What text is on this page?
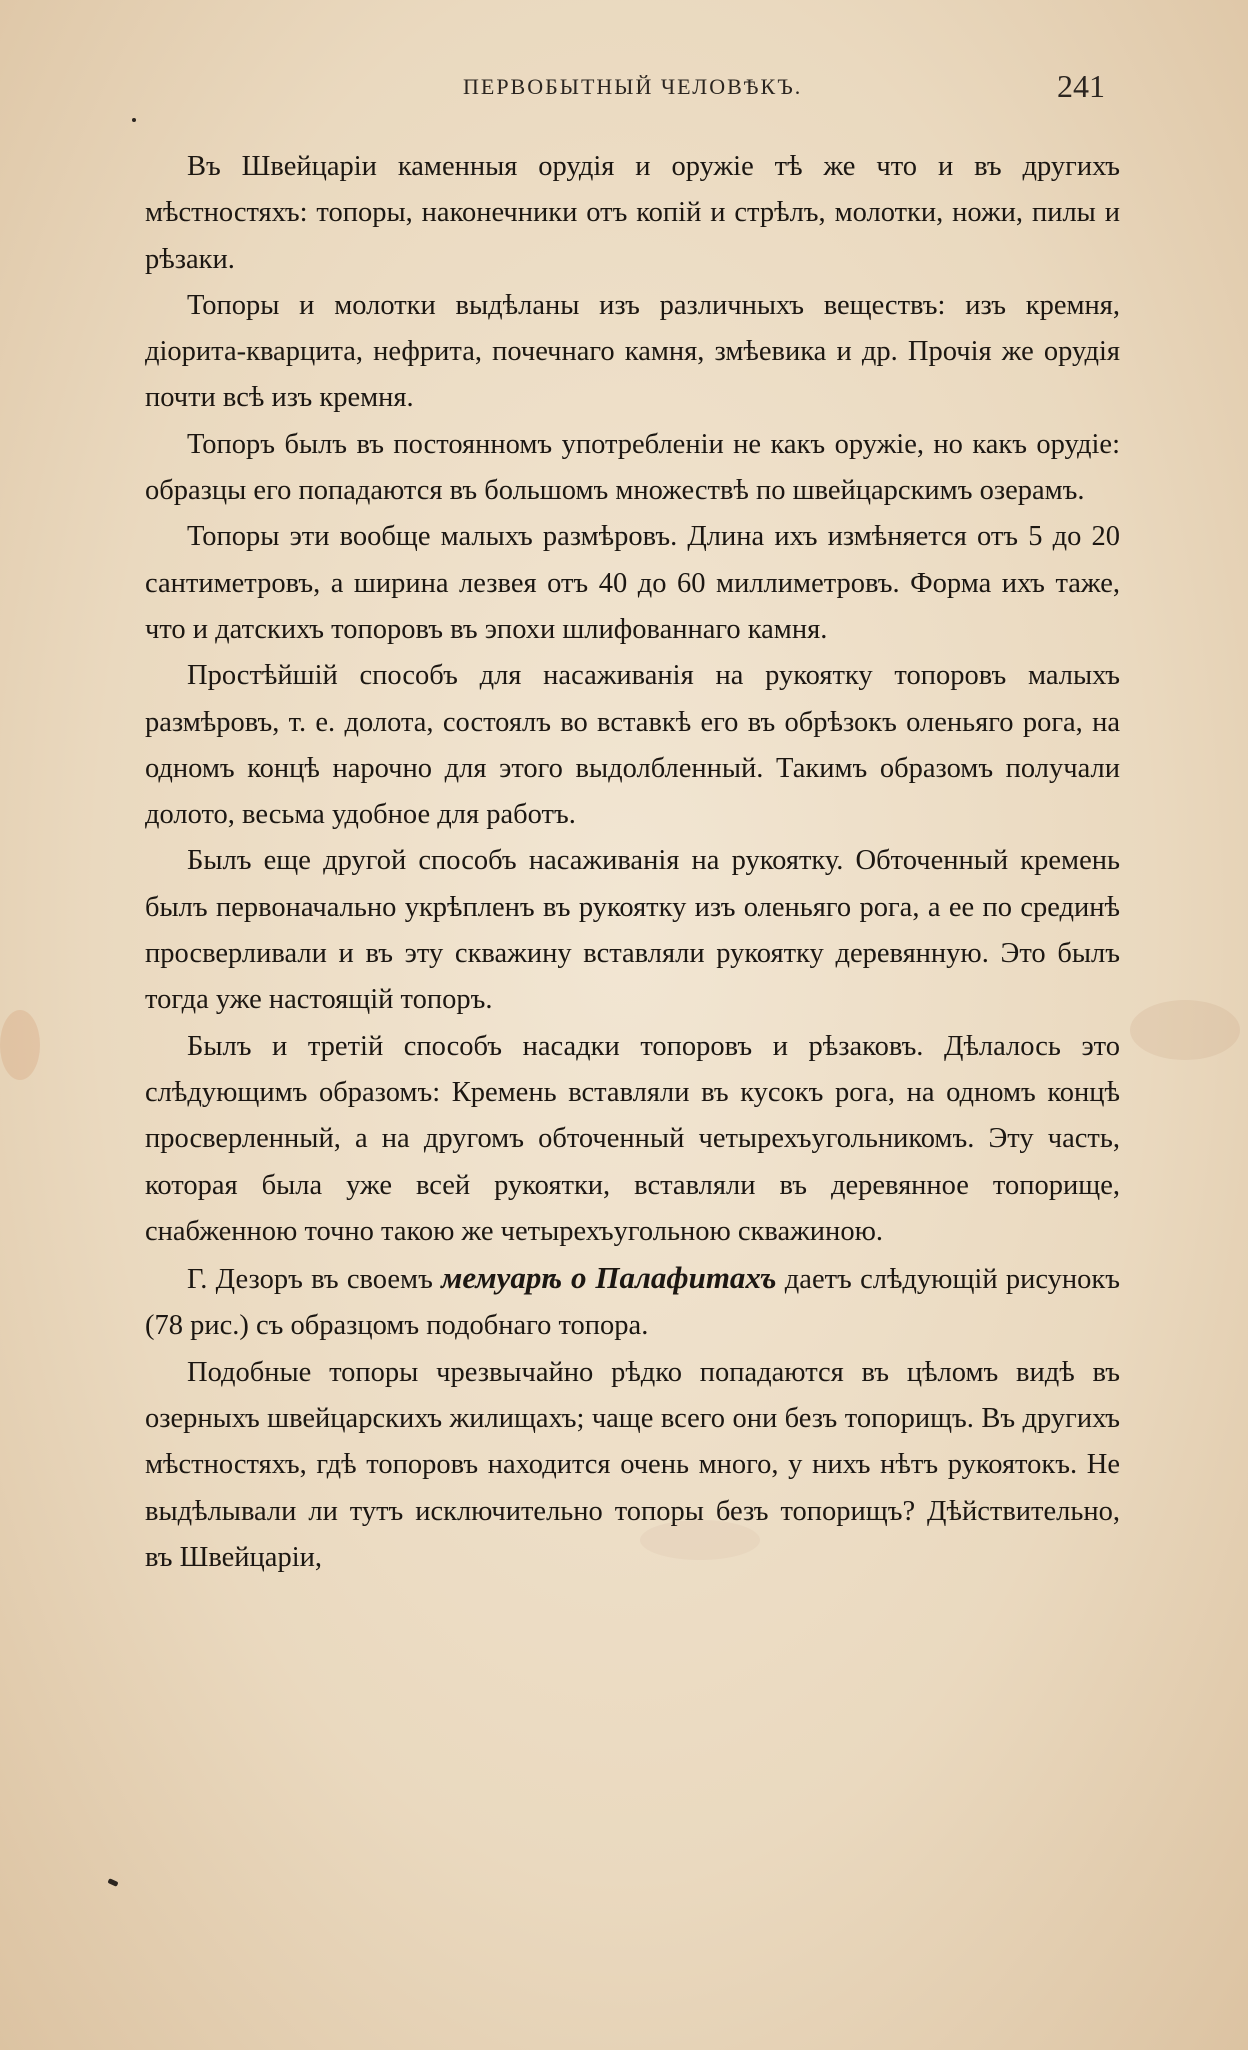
ПЕРВОБЫТНЫЙ ЧЕЛОВѢКЪ.	241

Въ Швейцаріи каменныя орудія и оружіе тѣ же что и въ другихъ мѣстностяхъ: топоры, наконечники отъ копій и стрѣлъ, молотки, ножи, пилы и рѣзаки.

Топоры и молотки выдѣланы изъ различныхъ веществъ: изъ кремня, діорита-кварцита, нефрита, почечнаго камня, змѣевика и др. Прочія же орудія почти всѣ изъ кремня.

Топоръ былъ въ постоянномъ употребленіи не какъ оружіе, но какъ орудіе: образцы его попадаются въ большомъ множествѣ по швейцарскимъ озерамъ.

Топоры эти вообще малыхъ размѣровъ. Длина ихъ измѣняется отъ 5 до 20 сантиметровъ, а ширина лезвея отъ 40 до 60 миллиметровъ. Форма ихъ таже, что и датскихъ топоровъ въ эпохи шлифованнаго камня.

Простѣйшій способъ для насаживанія на рукоятку топоровъ малыхъ размѣровъ, т. е. долота, состоялъ во вставкѣ его въ обрѣзокъ оленьяго рога, на одномъ концѣ нарочно для этого выдолбленный. Такимъ образомъ получали долото, весьма удобное для работъ.

Былъ еще другой способъ насаживанія на рукоятку. Обточенный кремень былъ первоначально укрѣпленъ въ рукоятку изъ оленьяго рога, а ее по срединѣ просверливали и въ эту скважину вставляли рукоятку деревянную. Это былъ тогда уже настоящій топоръ.

Былъ и третій способъ насадки топоровъ и рѣзаковъ. Дѣлалось это слѣдующимъ образомъ: Кремень вставляли въ кусокъ рога, на одномъ концѣ просверленный, а на другомъ обточенный четырехъугольникомъ. Эту часть, которая была уже всей рукоятки, вставляли въ деревянное топорище, снабженною точно такою же четырехъугольною скважиною.

Г. Дезоръ въ своемъ мемуарѣ о Палафитахъ даетъ слѣдующій рисунокъ (78 рис.) съ образцомъ подобнаго топора.

Подобные топоры чрезвычайно рѣдко попадаются въ цѣломъ видѣ въ озерныхъ швейцарскихъ жилищахъ; чаще всего они безъ топорищъ. Въ другихъ мѣстностяхъ, гдѣ топоровъ находится очень много, у нихъ нѣтъ рукоятокъ. Не выдѣлывали ли тутъ исключительно топоры безъ топорищъ? Дѣйствительно, въ Швейцаріи,
